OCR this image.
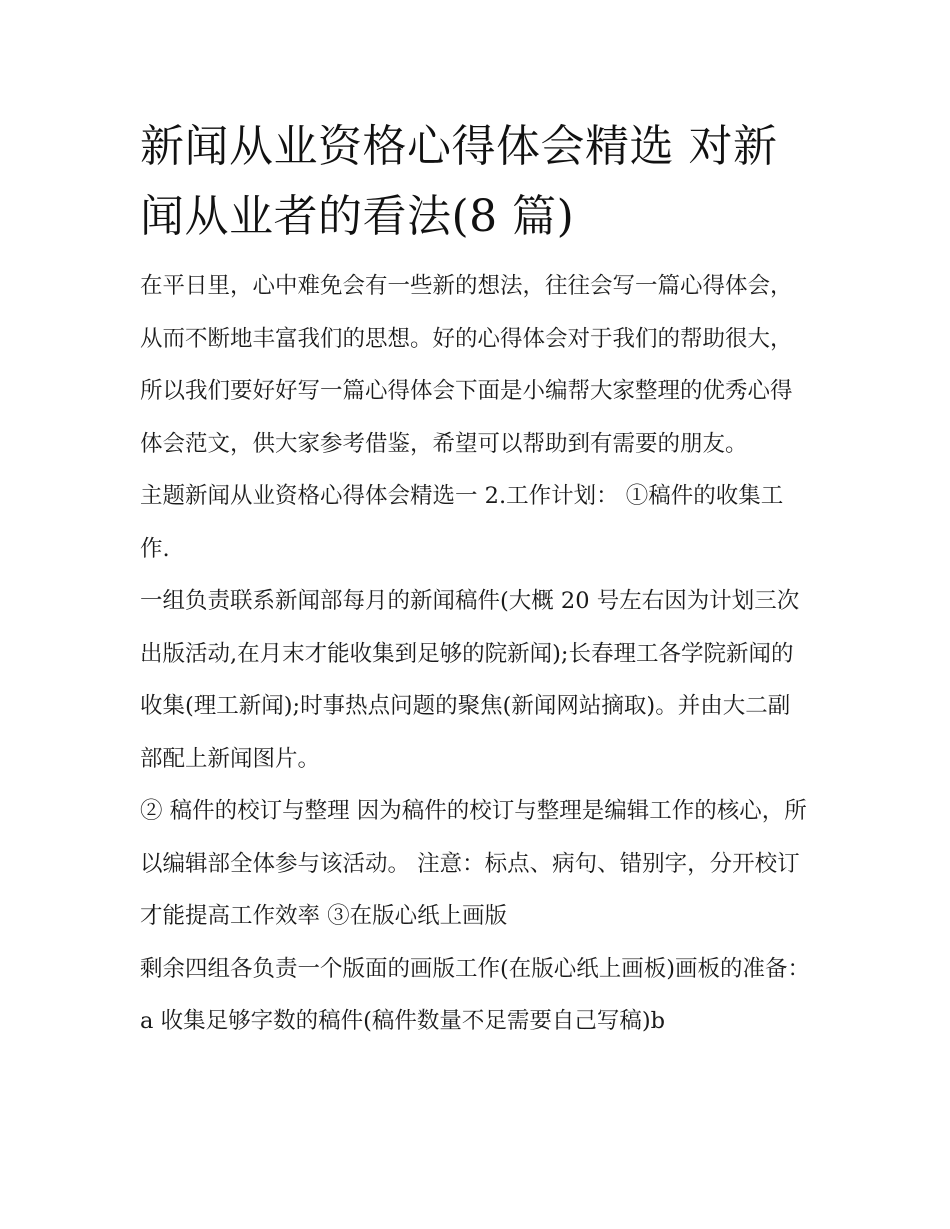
新闻从业资格心得体会精选 对新闻从业者的看法(8 篇)

在平日里，心中难免会有一些新的想法，往往会写一篇心得体会，从而不断地丰富我们的思想。好的心得体会对于我们的帮助很大，所以我们要好好写一篇心得体会下面是小编帮大家整理的优秀心得体会范文，供大家参考借鉴，希望可以帮助到有需要的朋友。

主题新闻从业资格心得体会精选一 2.工作计划： ①稿件的收集工作.

一组负责联系新闻部每月的新闻稿件(大概 20 号左右因为计划三次出版活动,在月末才能收集到足够的院新闻);长春理工各学院新闻的收集(理工新闻);时事热点问题的聚焦(新闻网站摘取)。并由大二副部配上新闻图片。

② 稿件的校订与整理 因为稿件的校订与整理是编辑工作的核心，所以编辑部全体参与该活动。 注意：标点、病句、错别字，分开校订才能提高工作效率 ③在版心纸上画版

剩余四组各负责一个版面的画版工作(在版心纸上画板)画板的准备： a 收集足够字数的稿件(稿件数量不足需要自己写稿)b
